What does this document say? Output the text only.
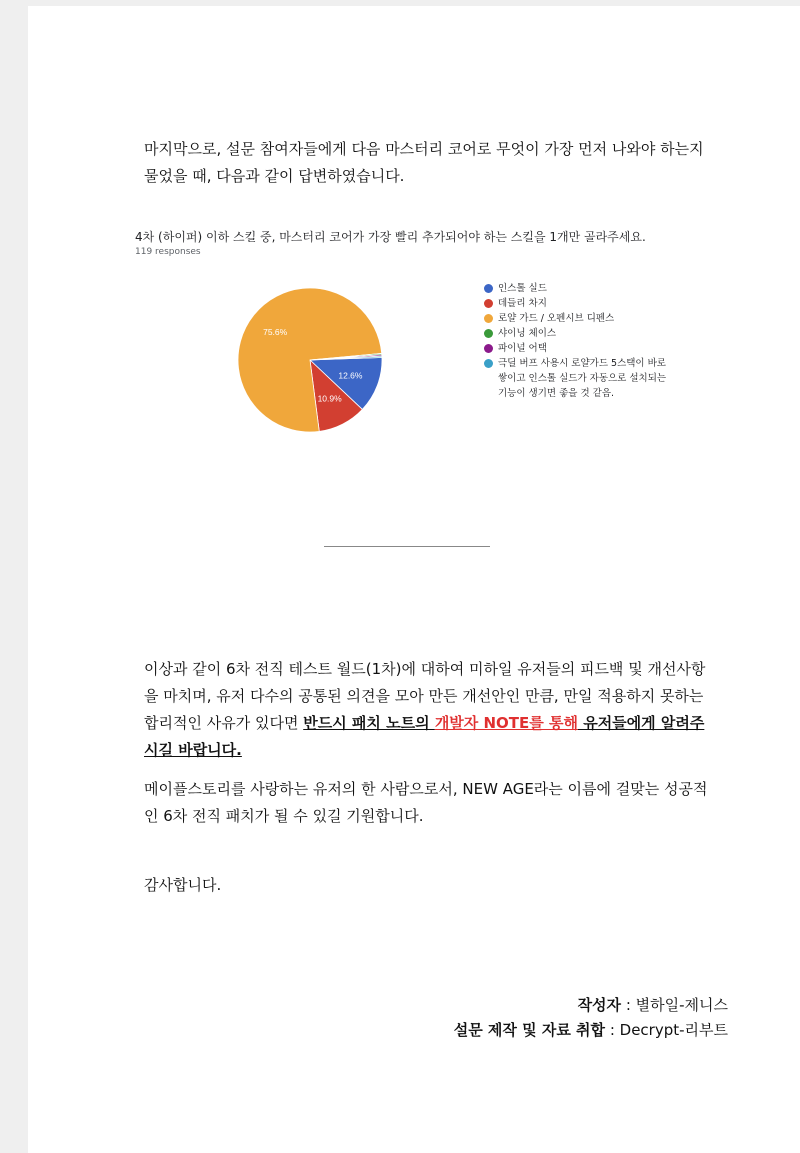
마지막으로, 설문 참여자들에게 다음 마스터리 코어로 무엇이 가장 먼저 나와야 하는지
물었을 때, 다음과 같이 답변하였습니다.

4차 (하이퍼) 이하 스킬 중, 마스터리 코어가 가장 빨리 추가되어야 하는 스킬을 1개만 골라주세요.
119 responses
12.6%
10.9%
75.6%
인스톨 실드
데들리 차지
로얄 가드 / 오펜시브 디펜스
샤이닝 체이스
파이널 어택
극딜 버프 사용시 로얄가드 5스택이 바로 쌓이고 인스톨 실드가 자동으로 설치되는 기능이 생기면 좋을 것 같음.

이상과 같이 6차 전직 테스트 월드(1차)에 대하여 미하일 유저들의 피드백 및 개선사항
을 마치며, 유저 다수의 공통된 의견을 모아 만든 개선안인 만큼, 만일 적용하지 못하는
합리적인 사유가 있다면 반드시 패치 노트의 개발자 NOTE를 통해 유저들에게 알려주
시길 바랍니다.

메이플스토리를 사랑하는 유저의 한 사람으로서, NEW AGE라는 이름에 걸맞는 성공적
인 6차 전직 패치가 될 수 있길 기원합니다.

감사합니다.

작성자 : 별하일-제니스
설문 제작 및 자료 취합 : Decrypt-리부트
